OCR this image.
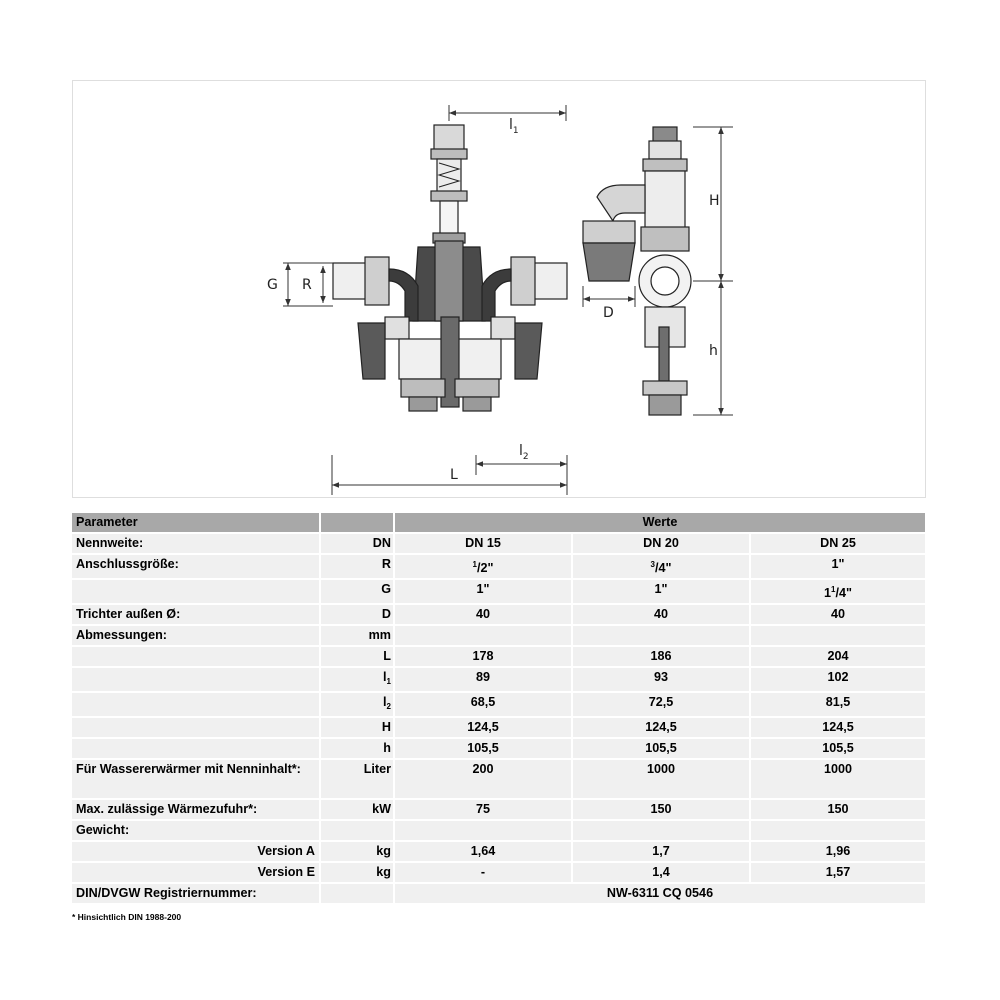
$l_1$
$l_2$
L
G R
D
H
h
Parameter		Werte		
Nennweite:	DN	DN 15	DN 20	DN 25
Anschlussgröße:	R	$^1$/2"	$^3$/4"	1"
	G	1"	1"	$1^1/4$"
Trichter außen Ø:	D	40	40	40
Abmessungen:	mm			
	L	178	186	204
	$l_1$	89	93	102
	$l_2$	68,5	72,5	81,5
	H	124,5	124,5	124,5
	h	105,5	105,5	105,5
Für Wassererwärmer mit Nenninhalt*:	Liter	200	1000	1000
Max. zulässige Wärmezufuhr*:	kW	75	150	150
Gewicht:				
Version A	kg	1,64	1,7	1,96
Version E	kg	-	1,4	1,57
DIN/DVGW Registriernummer:		NW-6311 CQ 0546		
* Hinsichtlich DIN 1988-200
